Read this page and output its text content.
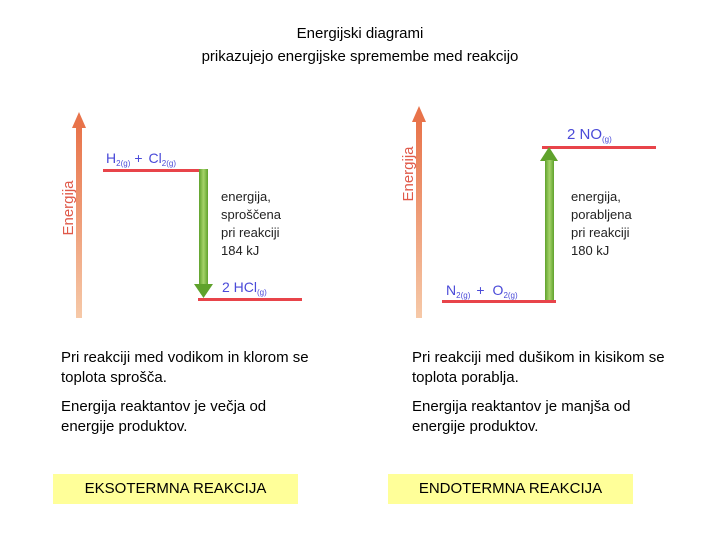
Energijski diagrami
prikazujejo energijske spremembe med reakcijo
Energija
$H_{2(g)} + Cl_{2(g)}$
2 HCl$_{(g)}$
energija, sproščena pri reakciji 184 kJ
Energija
2 $NO_{(g)}$
$N_{2(g)} + O_{2(g)}$
energija, porabljena pri reakciji 180 kJ
Pri reakciji med vodikom in klorom se toplota sprošča.
Energija reaktantov je večja od energije produktov.
Pri reakciji med dušikom in kisikom se toplota porablja.
Energija reaktantov je manjša od energije produktov.
EKSOTERMNA REAKCIJA	ENDOTERMNA REAKCIJA
